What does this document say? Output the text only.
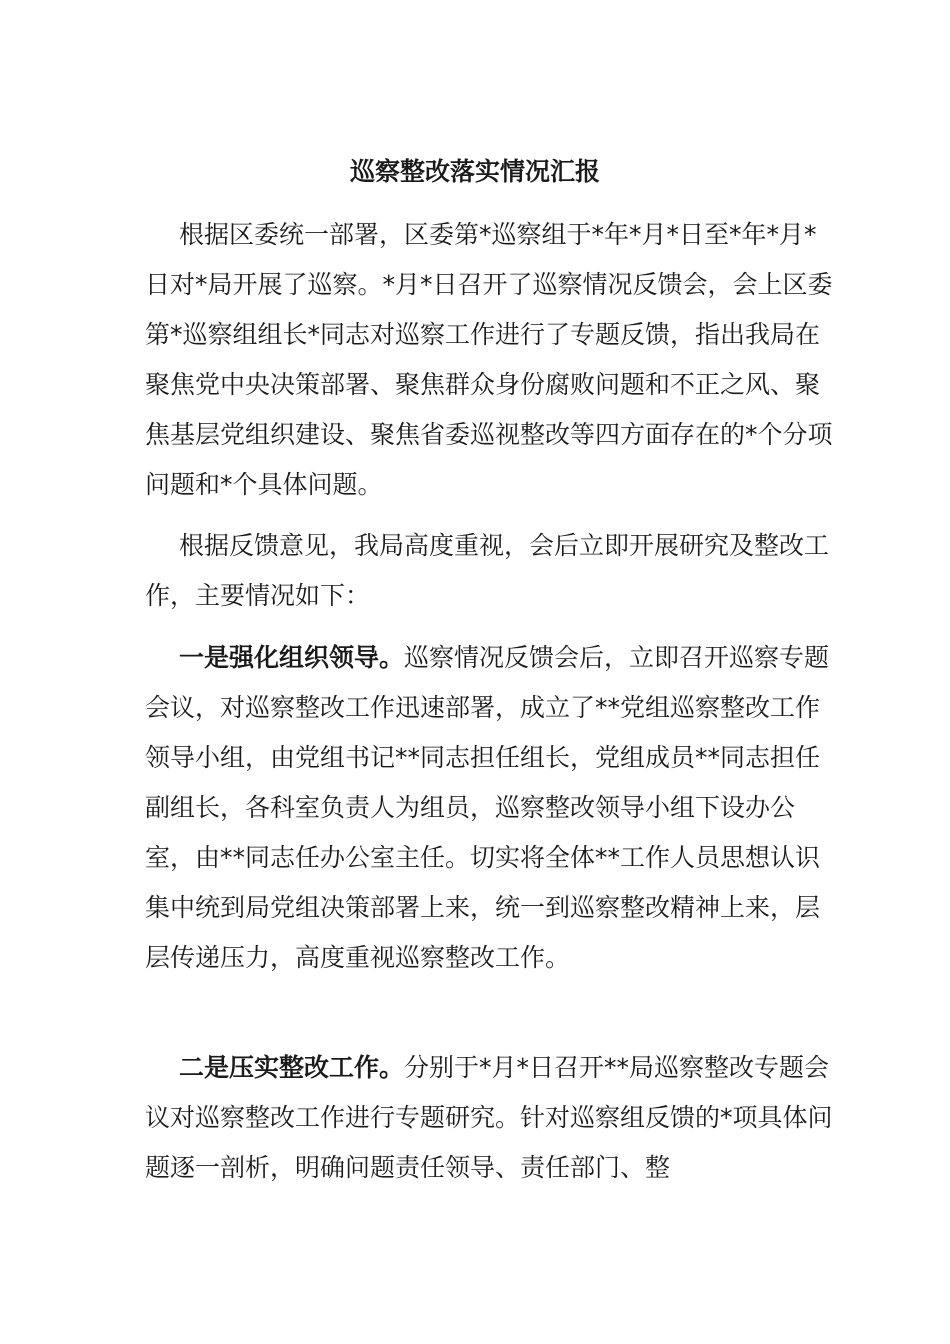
巡察整改落实情况汇报

根据区委统一部署，区委第*巡察组于*年*月*日至*年*月*日对*局开展了巡察。*月*日召开了巡察情况反馈会，会上区委第*巡察组组长*同志对巡察工作进行了专题反馈，指出我局在聚焦党中央决策部署、聚焦群众身份腐败问题和不正之风、聚焦基层党组织建设、聚焦省委巡视整改等四方面存在的*个分项问题和*个具体问题。

根据反馈意见，我局高度重视，会后立即开展研究及整改工作，主要情况如下：

一是强化组织领导。巡察情况反馈会后，立即召开巡察专题会议，对巡察整改工作迅速部署，成立了**党组巡察整改工作领导小组，由党组书记**同志担任组长，党组成员**同志担任副组长，各科室负责人为组员，巡察整改领导小组下设办公室，由**同志任办公室主任。切实将全体**工作人员思想认识集中统到局党组决策部署上来，统一到巡察整改精神上来，层层传递压力，高度重视巡察整改工作。

二是压实整改工作。分别于*月*日召开**局巡察整改专题会议对巡察整改工作进行专题研究。针对巡察组反馈的*项具体问题逐一剖析，明确问题责任领导、责任部门、整
